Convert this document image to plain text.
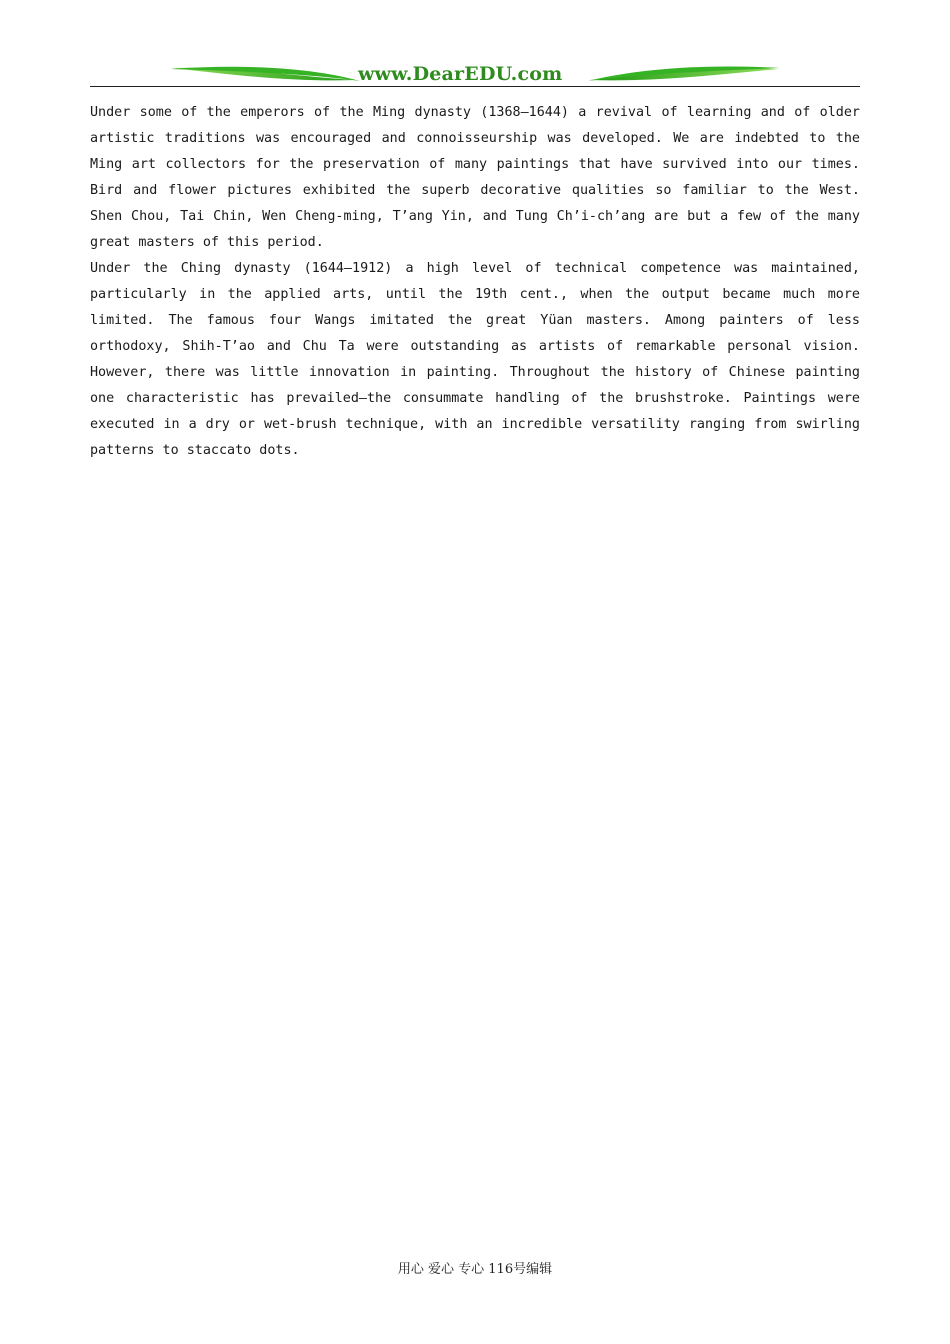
www.DearEDU.com

Under some of the emperors of the Ming dynasty (1368–1644) a revival of learning and of older artistic traditions was encouraged and connoisseurship was developed. We are indebted to the Ming art collectors for the preservation of many paintings that have survived into our times. Bird and flower pictures exhibited the superb decorative qualities so familiar to the West. Shen Chou, Tai Chin, Wen Cheng-ming, T’ang Yin, and Tung Ch’i-ch’ang are but a few of the many great masters of this period.

Under the Ching dynasty (1644–1912) a high level of technical competence was maintained, particularly in the applied arts, until the 19th cent., when the output became much more limited. The famous four Wangs imitated the great Yüan masters. Among painters of less orthodoxy, Shih-T’ao and Chu Ta were outstanding as artists of remarkable personal vision. However, there was little innovation in painting. Throughout the history of Chinese painting one characteristic has prevailed—the consummate handling of the brushstroke. Paintings were executed in a dry or wet-brush technique, with an incredible versatility ranging from swirling patterns to staccato dots.

用心 爱心 专心 116号编辑
